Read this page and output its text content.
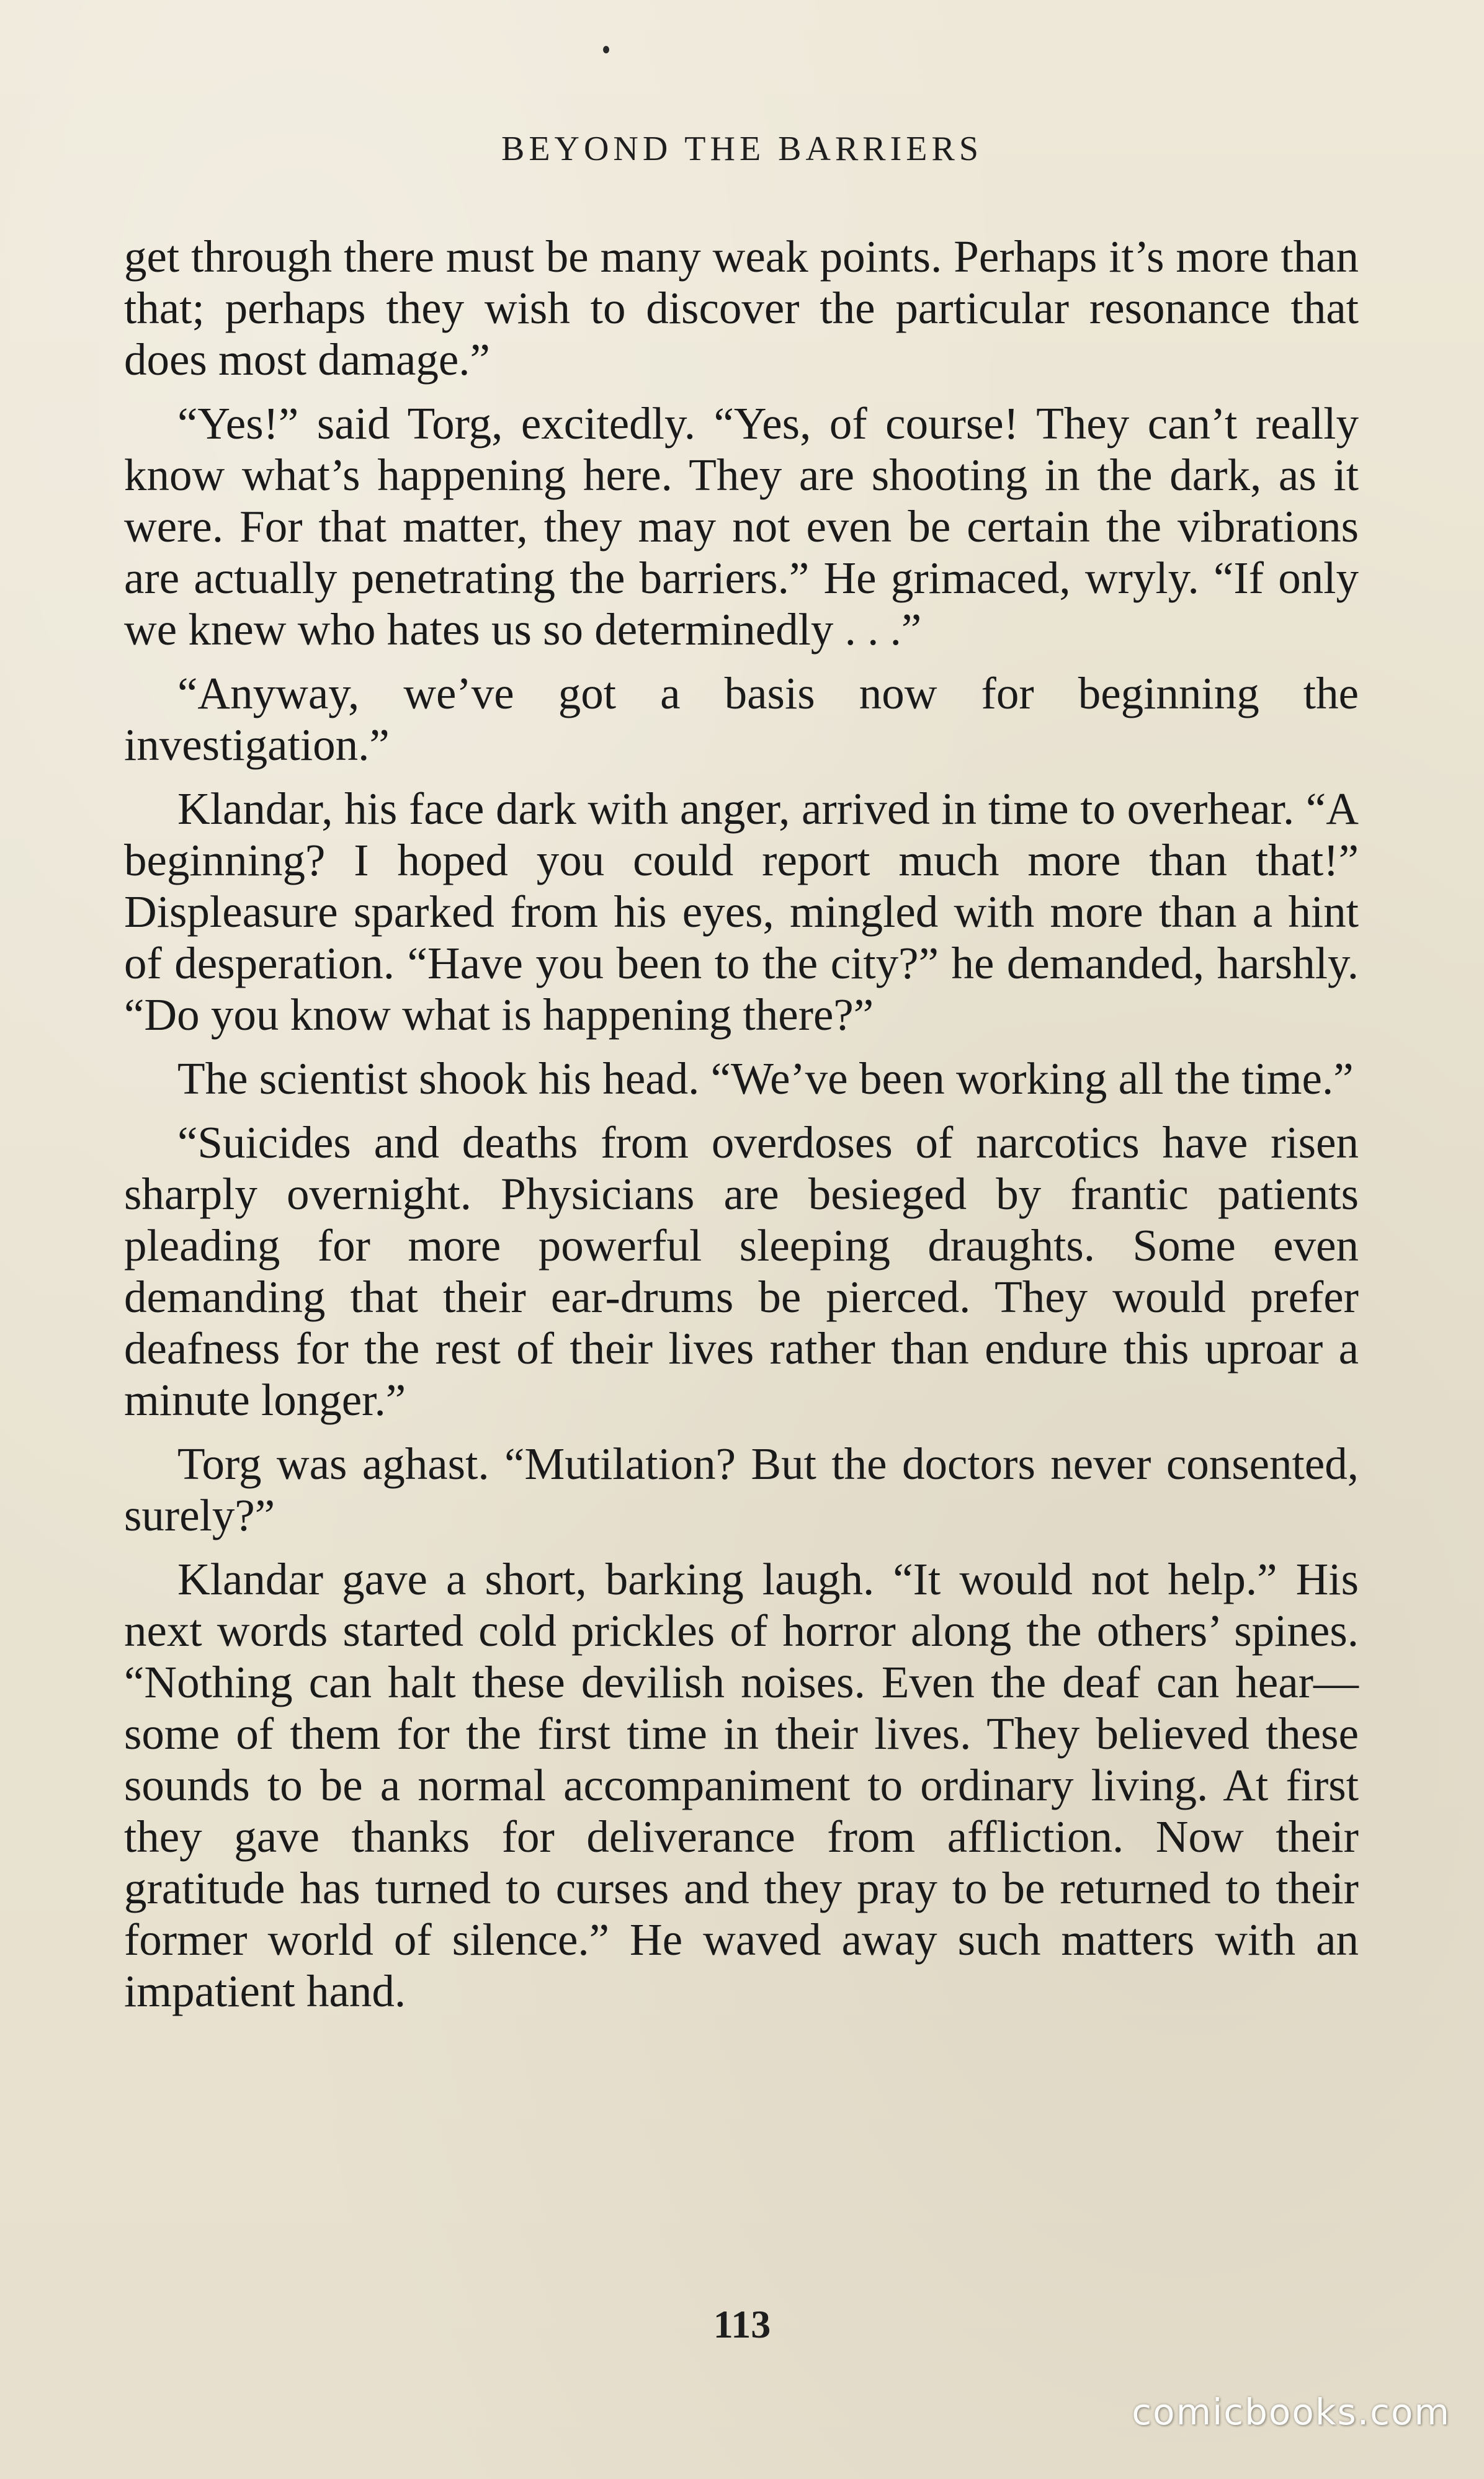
BEYOND THE BARRIERS

get through there must be many weak points. Perhaps it’s more than that; perhaps they wish to discover the particular resonance that does most damage.”

“Yes!” said Torg, excitedly. “Yes, of course! They can’t really know what’s happening here. They are shooting in the dark, as it were. For that matter, they may not even be certain the vibrations are actually penetrating the barriers.” He grimaced, wryly. “If only we knew who hates us so determinedly . . .”

“Anyway, we’ve got a basis now for beginning the investigation.”

Klandar, his face dark with anger, arrived in time to overhear. “A beginning? I hoped you could report much more than that!” Displeasure sparked from his eyes, mingled with more than a hint of desperation. “Have you been to the city?” he demanded, harshly. “Do you know what is happening there?”

The scientist shook his head. “We’ve been working all the time.”

“Suicides and deaths from overdoses of narcotics have risen sharply overnight. Physicians are besieged by frantic patients pleading for more powerful sleeping draughts. Some even demanding that their ear-drums be pierced. They would prefer deafness for the rest of their lives rather than endure this uproar a minute longer.”

Torg was aghast. “Mutilation? But the doctors never consented, surely?”

Klandar gave a short, barking laugh. “It would not help.” His next words started cold prickles of horror along the others’ spines. “Nothing can halt these devilish noises. Even the deaf can hear—some of them for the first time in their lives. They believed these sounds to be a normal accompaniment to ordinary living. At first they gave thanks for deliverance from affliction. Now their gratitude has turned to curses and they pray to be returned to their former world of silence.” He waved away such matters with an impatient hand.

113
comicbooks.com
